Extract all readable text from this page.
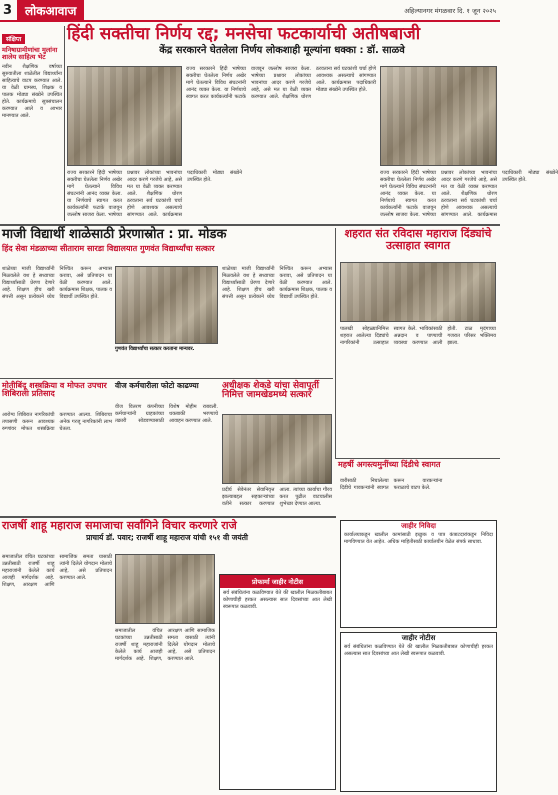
3	लोकआवाज	अहिल्यानगर मंगळवार दि. १ जून २०२५
संक्षिप्त
मनिषाग्रामीणांचा मुलांना शालेय साहित्य भेट
नवीन शैक्षणिक वर्षाच्या सुरुवातीला शाळेतील विद्यार्थ्यांना साहित्याचे वाटप करण्यात आले. या वेळी ग्रामस्थ, शिक्षक व पालक मोठ्या संख्येने उपस्थित होते. कार्यक्रमाचे सूत्रसंचालन करण्यात आले व आभार मानण्यात आले.
हिंदी सक्तीचा निर्णय रद्द; मनसेचा फटकार्याची अतीषबाजी
केंद्र सरकारने घेतलेला निर्णय लोकशाही मूल्यांना धक्का : डॉ. साळवे
राज्य सरकारने हिंदी भाषेच्या सक्तीचा घेतलेला निर्णय अखेर मागे घेतल्याने विविध संघटनांनी आनंद व्यक्त केला. या निर्णयाचे स्वागत करत कार्यकर्त्यांनी फटाके वाजवून जल्लोष साजरा केला. भाषेच्या प्रश्नावर लोकांच्या भावनांचा आदर करणे गरजेचे आहे, असे मत या वेळी व्यक्त करण्यात आले. शैक्षणिक धोरण ठरवताना सर्व घटकांशी चर्चा होणे आवश्यक असल्याचे सांगण्यात आले. कार्यक्रमास पदाधिकारी मोठ्या संख्येने उपस्थित होते.
राज्य सरकारने हिंदी भाषेच्या सक्तीचा घेतलेला निर्णय अखेर मागे घेतल्याने विविध संघटनांनी आनंद व्यक्त केला. या निर्णयाचे स्वागत करत कार्यकर्त्यांनी फटाके वाजवून जल्लोष साजरा केला. भाषेच्या प्रश्नावर लोकांच्या भावनांचा आदर करणे गरजेचे आहे, असे मत या वेळी व्यक्त करण्यात आले. शैक्षणिक धोरण ठरवताना सर्व घटकांशी चर्चा होणे आवश्यक असल्याचे सांगण्यात आले. कार्यक्रमास पदाधिकारी मोठ्या संख्येने उपस्थित होते.
राज्य सरकारने हिंदी भाषेच्या सक्तीचा घेतलेला निर्णय अखेर मागे घेतल्याने विविध संघटनांनी आनंद व्यक्त केला. या निर्णयाचे स्वागत करत कार्यकर्त्यांनी फटाके वाजवून जल्लोष साजरा केला. भाषेच्या प्रश्नावर लोकांच्या भावनांचा आदर करणे गरजेचे आहे, असे मत या वेळी व्यक्त करण्यात आले. शैक्षणिक धोरण ठरवताना सर्व घटकांशी चर्चा होणे आवश्यक असल्याचे सांगण्यात आले. कार्यक्रमास पदाधिकारी मोठ्या संख्येने उपस्थित होते.
माजी विद्यार्थी शाळेसाठी प्रेरणास्रोत : प्रा. मोडक
हिंद सेवा मंडळाच्या सीताराम सारडा विद्यालयात गुणवंत विद्यार्थ्यांचा सत्कार
शाळेच्या माजी विद्यार्थ्यांनी मिळवलेले यश हे सध्याच्या विद्यार्थ्यांसाठी प्रेरणा देणारे आहे. शिक्षण हीच खरी संपत्ती असून प्रत्येकाने ध्येय निश्चित करून अभ्यास करावा, असे प्रतिपादन या वेळी करण्यात आले. कार्यक्रमास शिक्षक, पालक व विद्यार्थी उपस्थित होते.
गुणवंत विद्यार्थ्यांचा सत्कार करताना मान्यवर.
शाळेच्या माजी विद्यार्थ्यांनी मिळवलेले यश हे सध्याच्या विद्यार्थ्यांसाठी प्रेरणा देणारे आहे. शिक्षण हीच खरी संपत्ती असून प्रत्येकाने ध्येय निश्चित करून अभ्यास करावा, असे प्रतिपादन या वेळी करण्यात आले. कार्यक्रमास शिक्षक, पालक व विद्यार्थी उपस्थित होते.
शहरात संत रविदास महाराज दिंड्यांचे उत्साहात स्वागत
पालखी सोहळ्यानिमित्त शहरात आलेल्या दिंड्यांचे नागरिकांनी उत्साहात स्वागत केले. भाविकांसाठी अन्नदान व पाण्याची व्यवस्था करण्यात आली होती. टाळ मृदंगाच्या गजरात परिसर भक्तिमय झाला.
मोतीबिंदू शस्त्रक्रिया व मोफत उपचार शिबिराला प्रतिसाद
आरोग्य शिबिरात नागरिकांची तपासणी करून आवश्यक रुग्णांवर मोफत शस्त्रक्रिया करण्यात आल्या. शिबिराचा अनेक गरजू नागरिकांनी लाभ घेतला.
वीज कर्मचारीला फोटो काढण्या
वीज वितरण कंपनीच्या कर्मचाऱ्यांनी ग्राहकांच्या तक्रारी सोडवण्यासाठी विशेष मोहीम राबवली. थकबाकी भरण्याचे आवाहन करण्यात आले.
अधीक्षक शेकडे यांचा सेवापूर्ती निमित्त जामखेडमध्ये सत्कार
प्रदीर्घ सेवेनंतर सेवानिवृत्त झाल्याबद्दल सहकाऱ्यांच्या वतीने सत्कार करण्यात आला. त्यांच्या कार्याचा गौरव करत पुढील वाटचालीस शुभेच्छा देण्यात आल्या.
महर्षी अगस्त्यमुनींच्या दिंडीचे स्वागत
वारीसाठी निघालेल्या दिंडीचे गावकऱ्यांनी स्वागत करून वारकऱ्यांना फराळाचे वाटप केले.
जाहीर निविदा
कार्यालयाकडून खालील कामांसाठी इच्छुक व पात्र कंत्राटदारांकडून निविदा मागविण्यात येत आहेत. अधिक माहितीसाठी कार्यालयीन वेळेत संपर्क साधावा.
जाहीर नोटीस
सर्व संबंधितांना कळविण्यात येते की खालील मिळकतीबाबत कोणाचीही हरकत असल्यास सात दिवसांच्या आत लेखी स्वरूपात कळवावी.
राजर्षी शाहू महाराज समाजाचा सर्वांगिने विचार करणारे राजे
प्राचार्य डॉ. पवार; राजर्षी शाहू महाराज यांची १५१ वी जयंती
समाजातील वंचित घटकांच्या उन्नतीसाठी राजर्षी शाहू महाराजांनी केलेले कार्य आजही मार्गदर्शक आहे. शिक्षण, आरक्षण आणि सामाजिक समता यासाठी त्यांनी दिलेले योगदान मोलाचे आहे, असे प्रतिपादन करण्यात आले.
समाजातील वंचित घटकांच्या उन्नतीसाठी राजर्षी शाहू महाराजांनी केलेले कार्य आजही मार्गदर्शक आहे. शिक्षण, आरक्षण आणि सामाजिक समता यासाठी त्यांनी दिलेले योगदान मोलाचे आहे, असे प्रतिपादन करण्यात आले.
प्रोफार्मा जाहीर नोटीस
सर्व संबंधितांना कळविण्यात येते की खालील मिळकतीबाबत कोणाचीही हरकत असल्यास सात दिवसांच्या आत लेखी स्वरूपात कळवावी.
